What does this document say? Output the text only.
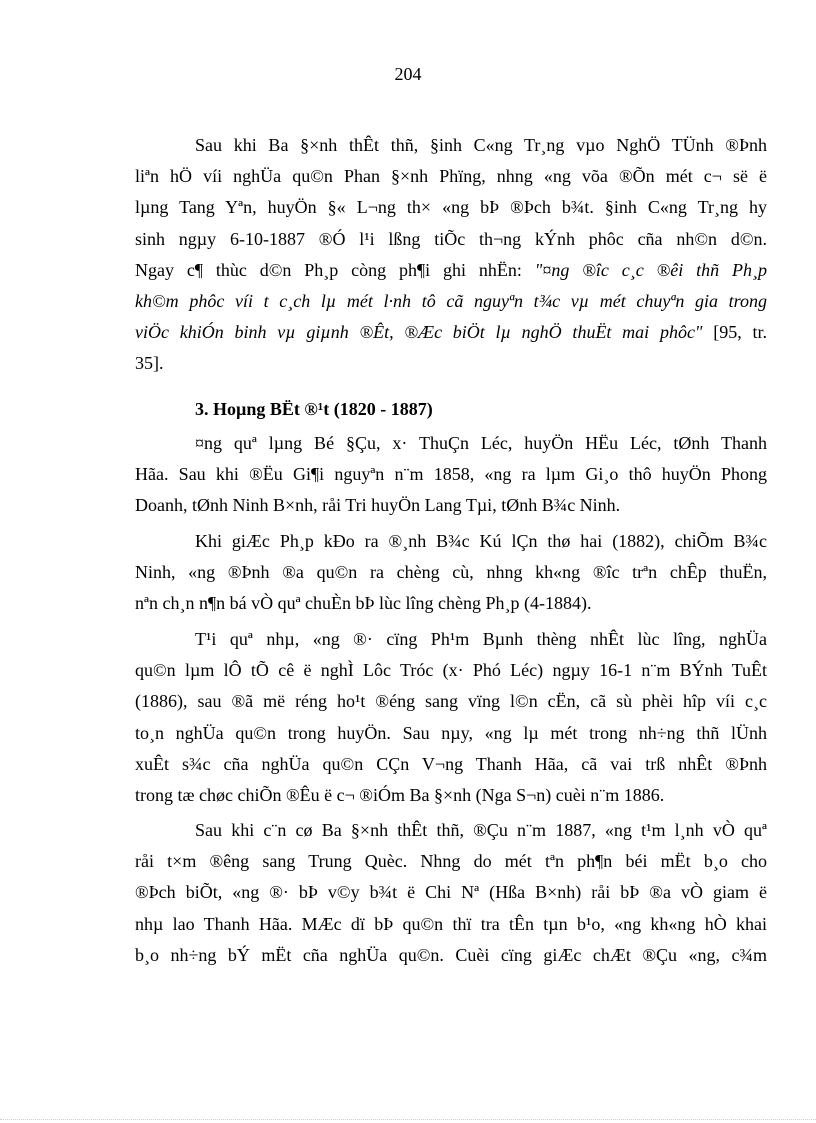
204
Sau khi Ba §×nh thÊt thñ, §inh C«ng Tr¸ng vµo NghÖ TÜnh ®Þnh
liªn hÖ víi nghÜa qu©n Phan §×nh Phïng, nhng «ng võa ®Õn mét c¬ së ë
lµng Tang Yªn, huyÖn §« L¬ng th× «ng bÞ ®Þch b¾t. §inh C«ng Tr¸ng hy
sinh ngµy 6-10-1887 ®Ó l¹i lßng tiÕc th¬ng kÝnh phôc cña nh©n d©n.
Ngay c¶ thùc d©n Ph¸p còng ph¶i ghi nhËn: "¤ng ®îc c¸c ®êi thñ Ph¸p
kh©m phôc víi t c¸ch lµ mét l·nh tô cã nguyªn t¾c vµ mét chuyªn gia trong
viÖc khiÓn binh vµ giµnh ®Êt, ®Æc biÖt lµ nghÖ thuËt mai phôc" [95, tr.
35].
3. Hoµng BËt ®¹t (1820 - 1887)
¤ng quª lµng Bé §Çu, x· ThuÇn Léc, huyÖn HËu Léc, tØnh Thanh
Hãa. Sau khi ®Ëu Gi¶i nguyªn n¨m 1858, «ng ra lµm Gi¸o thô huyÖn Phong
Doanh, tØnh Ninh B×nh, råi Tri huyÖn Lang Tµi, tØnh B¾c Ninh.
Khi giÆc Ph¸p kÐo ra ®¸nh B¾c Kú lÇn thø hai (1882), chiÕm B¾c
Ninh, «ng ®Þnh ®a qu©n ra chèng cù, nhng kh«ng ®îc trªn chÊp thuËn,
nªn ch¸n n¶n bá vÒ quª chuÈn bÞ lùc lîng chèng Ph¸p (4-1884).
T¹i quª nhµ, «ng ®· cïng Ph¹m Bµnh thèng nhÊt lùc lîng, nghÜa
qu©n lµm lÔ tÕ cê ë nghÌ Lôc Tróc (x· Phó Léc) ngµy 16-1 n¨m BÝnh TuÊt
(1886), sau ®ã më réng ho¹t ®éng sang vïng l©n cËn, cã sù phèi hîp víi c¸c
to¸n nghÜa qu©n trong huyÖn. Sau nµy, «ng lµ mét trong nh÷ng thñ lÜnh
xuÊt s¾c cña nghÜa qu©n CÇn V¬ng Thanh Hãa, cã vai trß nhÊt ®Þnh
trong tæ chøc chiÕn ®Êu ë c¬ ®iÓm Ba §×nh (Nga S¬n) cuèi n¨m 1886.
Sau khi c¨n cø Ba §×nh thÊt thñ, ®Çu n¨m 1887, «ng t¹m l¸nh vÒ quª
råi t×m ®êng sang Trung Quèc. Nhng do mét tªn ph¶n béi mËt b¸o cho
®Þch biÕt, «ng ®· bÞ v©y b¾t ë Chi Nª (Hßa B×nh) råi bÞ ®a vÒ giam ë
nhµ lao Thanh Hãa. MÆc dï bÞ qu©n thï tra tÊn tµn b¹o, «ng kh«ng hÒ khai
b¸o nh÷ng bÝ mËt cña nghÜa qu©n. Cuèi cïng giÆc chÆt ®Çu «ng, c¾m
